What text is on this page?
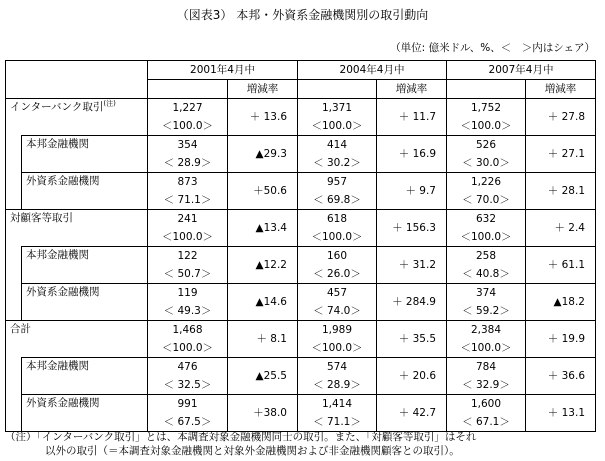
（図表3） 本邦・外資系金融機関別の取引動向
（単位: 億米ドル、%、＜　＞内はシェア）
		2001年4月中		2004年4月中		2007年4月中	
			増減率		増減率		増減率
インターバンク取引$^{(注)}$		1,227	＋ 13.6	1,371	＋ 11.7	1,752	＋ 27.8
		＜100.0＞		＜100.0＞		＜100.0＞	
	本邦金融機関	354	▲29.3	414	＋ 16.9	526	＋ 27.1
		＜ 28.9＞		＜ 30.2＞		＜ 30.0＞	
	外資系金融機関	873	＋50.6	957	＋ 9.7	1,226	＋ 28.1
		＜ 71.1＞		＜ 69.8＞		＜ 70.0＞	
対顧客等取引		241	▲13.4	618	＋ 156.3	632	＋ 2.4
		＜100.0＞		＜100.0＞		＜100.0＞	
	本邦金融機関	122	▲12.2	160	＋ 31.2	258	＋ 61.1
		＜ 50.7＞		＜ 26.0＞		＜ 40.8＞	
	外資系金融機関	119	▲14.6	457	＋ 284.9	374	▲18.2
		＜ 49.3＞		＜ 74.0＞		＜ 59.2＞	
合計		1,468	＋ 8.1	1,989	＋ 35.5	2,384	＋ 19.9
		＜100.0＞		＜100.0＞		＜100.0＞	
	本邦金融機関	476	▲25.5	574	＋ 20.6	784	＋ 36.6
		＜ 32.5＞		＜ 28.9＞		＜ 32.9＞	
	外資系金融機関	991	＋38.0	1,414	＋ 42.7	1,600	＋ 13.1
		＜ 67.5＞		＜ 71.1＞		＜ 67.1＞	
（注）「インターバンク取引」とは、本調査対象金融機関同士の取引。また、「対顧客等取引」はそれ
以外の取引（＝本調査対象金融機関と対象外金融機関および非金融機関顧客との取引）。
